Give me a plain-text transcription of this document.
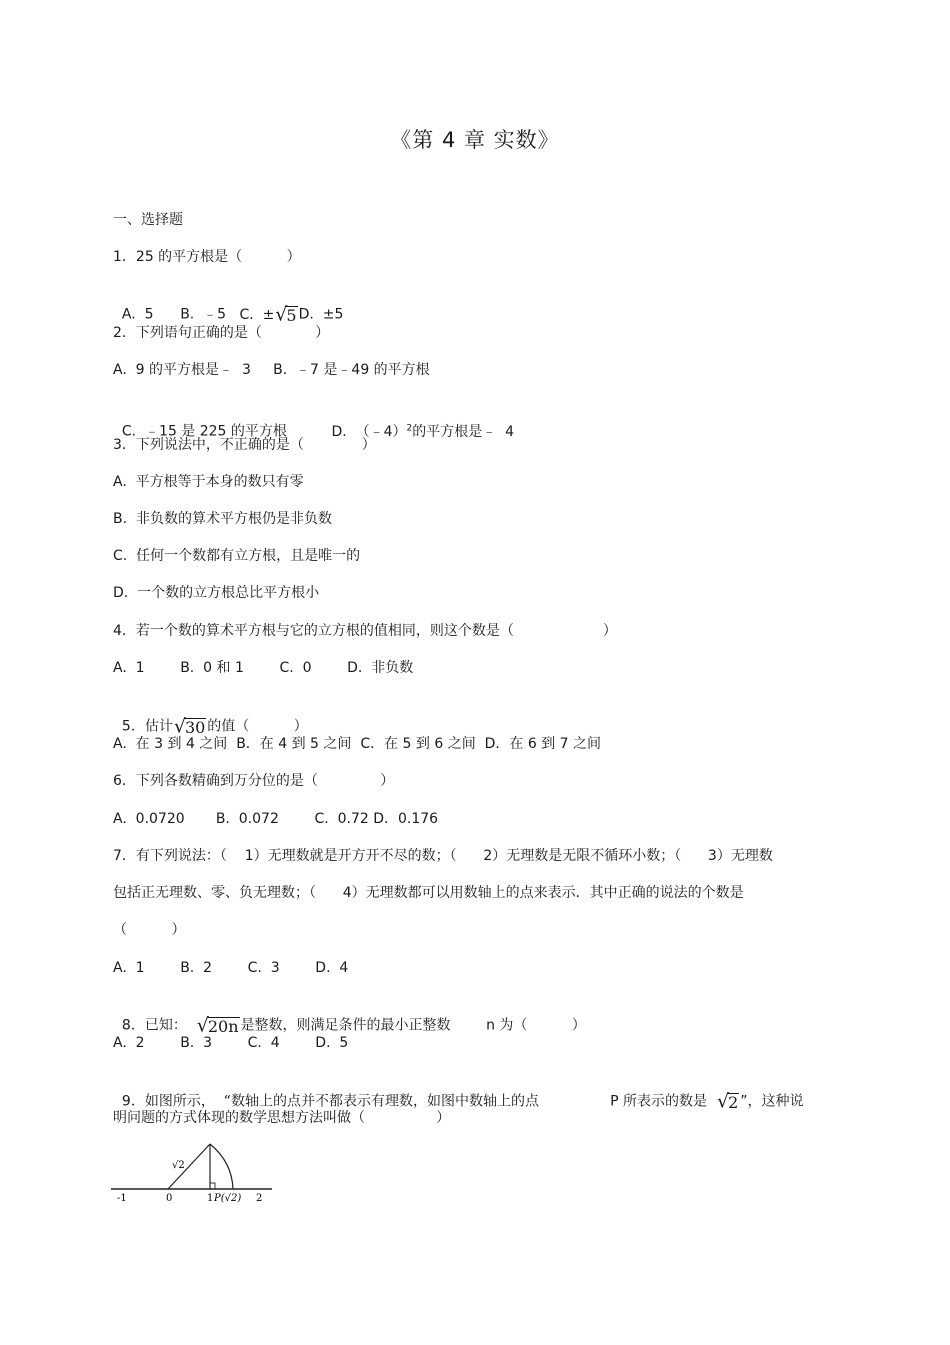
《第 4 章 实数》
一、选择题
1．25 的平方根是（          ）

A.  5 B.  ﹣5 C.  ±√5 D.  ±5

2．下列语句正确的是（            ）
A.  9 的平方根是﹣  3     B.  ﹣7 是﹣49 的平方根

C.  ﹣15 是 225 的平方根	D.  （﹣4）$^2$的平方根是﹣  4

3．下列说法中，不正确的是（             ）
A.  平方根等于本身的数只有零
B.  非负数的算术平方根仍是非负数
C.  任何一个数都有立方根，且是唯一的
D.  一个数的立方根总比平方根小
4．若一个数的算术平方根与它的立方根的值相同，则这个数是（                    ）
A.  1        B.  0 和 1        C.  0        D.  非负数

5．估计√30 的值（          ）

A.  在 3 到 4 之间  B．在 4 到 5 之间  C．在 5 到 6 之间  D．在 6 到 7 之间
6．下列各数精确到万分位的是（              ）
A.  0.0720       B.  0.072        C.  0.72 D．0.176
7．有下列说法：（    1）无理数就是开方开不尽的数；（      2）无理数是无限不循环小数；（      3）无理数
包括正无理数、零、负无理数；（      4）无理数都可以用数轴上的点来表示．其中正确的说法的个数是
（          ）
A.  1        B.  2        C.  3        D.  4

8．已知：  √20n 是整数，则满足条件的最小正整数        n 为（          ）

A.  2        B.  3        C.  4        D.  5

9．如图所示，  “数轴上的点并不都表示有理数，如图中数轴上的点                P 所表示的数是  √2 ”，这种说

明问题的方式体现的数学思想方法叫做（                ）
√2
-1	0	1 P(√2) 2
